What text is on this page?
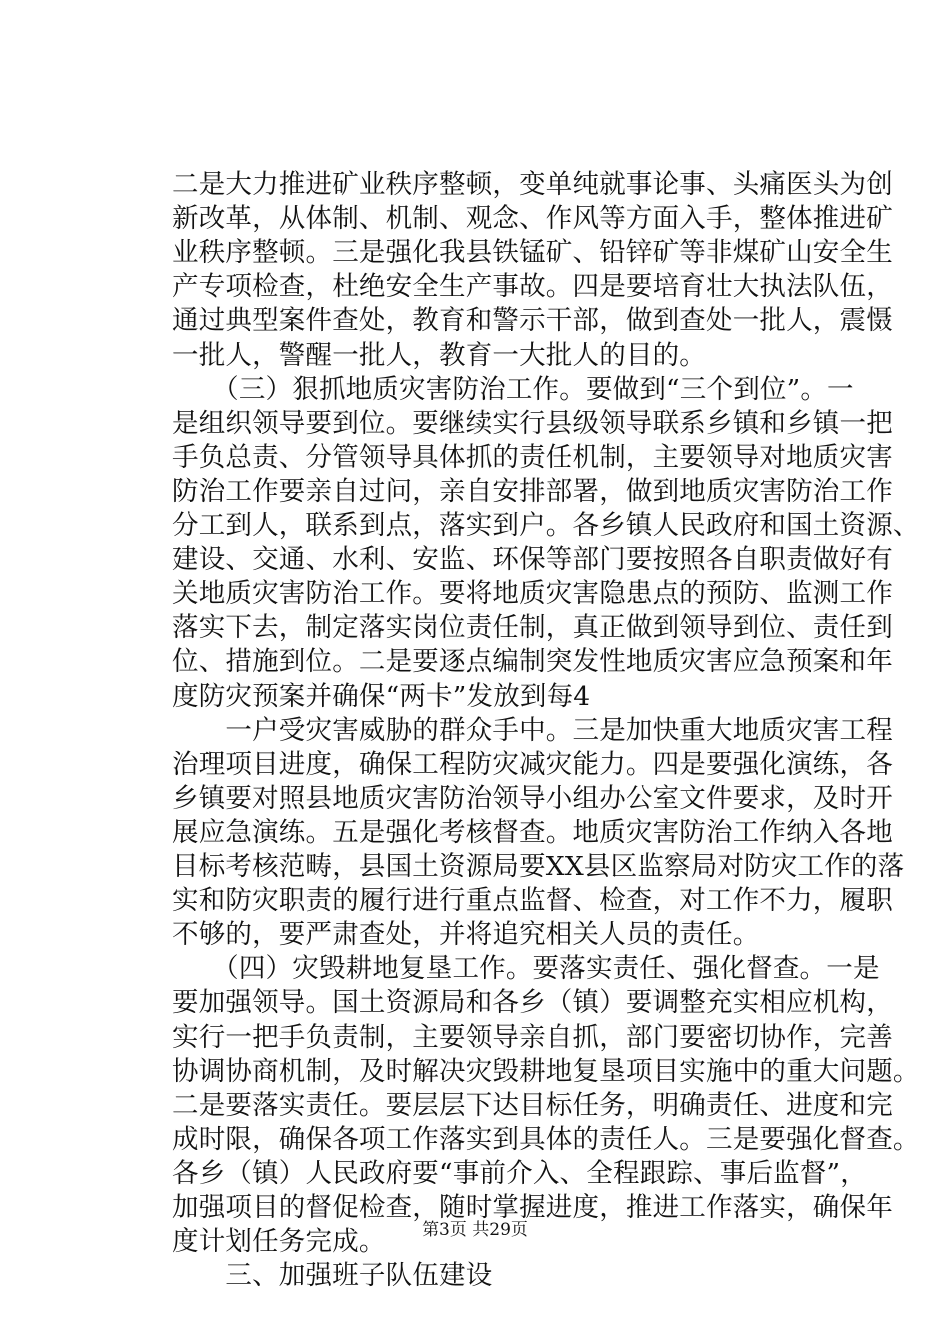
二是大力推进矿业秩序整顿，变单纯就事论事、头痛医头为创
新改革，从体制、机制、观念、作风等方面入手，整体推进矿
业秩序整顿。三是强化我县铁锰矿、铅锌矿等非煤矿山安全生
产专项检查，杜绝安全生产事故。四是要培育壮大执法队伍，
通过典型案件查处，教育和警示干部，做到查处一批人，震慑
一批人，警醒一批人，教育一大批人的目的。
　　（三）狠抓地质灾害防治工作。要做到“三个到位”。一
是组织领导要到位。要继续实行县级领导联系乡镇和乡镇一把
手负总责、分管领导具体抓的责任机制，主要领导对地质灾害
防治工作要亲自过问，亲自安排部署，做到地质灾害防治工作
分工到人，联系到点，落实到户。各乡镇人民政府和国土资源、
建设、交通、水利、安监、环保等部门要按照各自职责做好有
关地质灾害防治工作。要将地质灾害隐患点的预防、监测工作
落实下去，制定落实岗位责任制，真正做到领导到位、责任到
位、措施到位。二是要逐点编制突发性地质灾害应急预案和年
度防灾预案并确保“两卡”发放到每4
　　一户受灾害威胁的群众手中。三是加快重大地质灾害工程
治理项目进度，确保工程防灾减灾能力。四是要强化演练，各
乡镇要对照县地质灾害防治领导小组办公室文件要求，及时开
展应急演练。五是强化考核督查。地质灾害防治工作纳入各地
目标考核范畴，县国土资源局要XX县区监察局对防灾工作的落
实和防灾职责的履行进行重点监督、检查，对工作不力，履职
不够的，要严肃查处，并将追究相关人员的责任。
　　（四）灾毁耕地复垦工作。要落实责任、强化督查。一是
要加强领导。国土资源局和各乡（镇）要调整充实相应机构，
实行一把手负责制，主要领导亲自抓，部门要密切协作，完善
协调协商机制，及时解决灾毁耕地复垦项目实施中的重大问题。
二是要落实责任。要层层下达目标任务，明确责任、进度和完
成时限，确保各项工作落实到具体的责任人。三是要强化督查。
各乡（镇）人民政府要“事前介入、全程跟踪、事后监督”，
加强项目的督促检查，随时掌握进度，推进工作落实，确保年
度计划任务完成。
　　三、加强班子队伍建设
第3页 共29页
